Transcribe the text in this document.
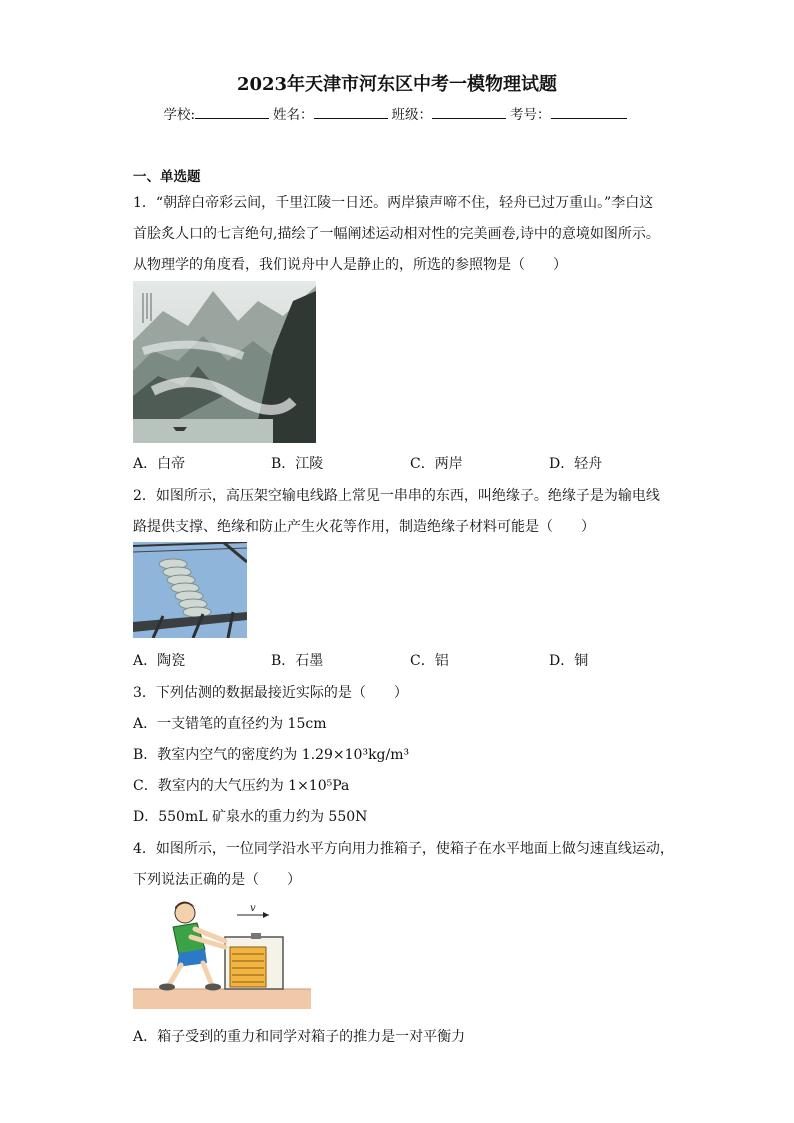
2023年天津市河东区中考一模物理试题
学校:	姓名：	班级：	考号：
一、单选题
1．“朝辞白帝彩云间，千里江陵一日还。两岸猿声啼不住，轻舟已过万重山。”李白这
首脍炙人口的七言绝句,描绘了一幅阐述运动相对性的完美画卷,诗中的意境如图所示。
从物理学的角度看，我们说舟中人是静止的，所选的参照物是（　　）
A．白帝	B．江陵	C．两岸	D．轻舟
2．如图所示，高压架空输电线路上常见一串串的东西，叫绝缘子。绝缘子是为输电线
路提供支撑、绝缘和防止产生火花等作用，制造绝缘子材料可能是（　　）
A．陶瓷	B．石墨	C．铝	D．铜
3．下列估测的数据最接近实际的是（　　）
A．一支错笔的直径约为 15cm
B．教室内空气的密度约为 1.29×10³kg/m³
C．教室内的大气压约为 1×10⁵Pa
D．550mL 矿泉水的重力约为 550N
4．如图所示，一位同学沿水平方向用力推箱子，使箱子在水平地面上做匀速直线运动，
下列说法正确的是（　　）
v
A．箱子受到的重力和同学对箱子的推力是一对平衡力
